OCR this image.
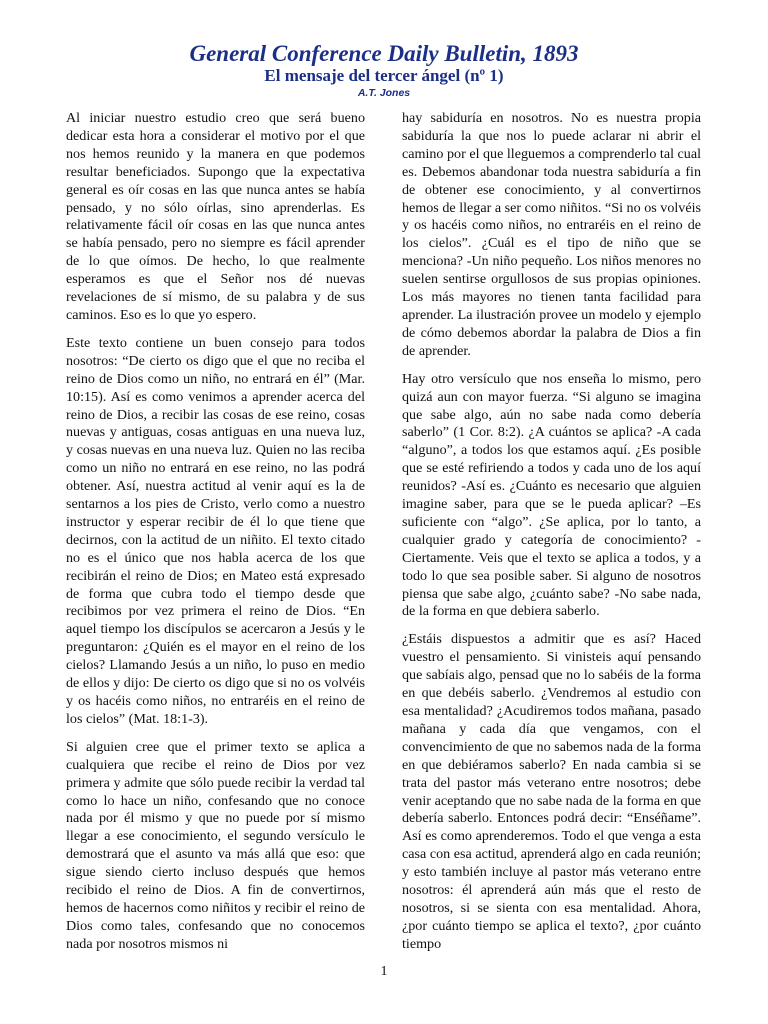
General Conference Daily Bulletin, 1893
El mensaje del tercer ángel (nº 1)
A.T. Jones

Al iniciar nuestro estudio creo que será bueno dedicar esta hora a considerar el motivo por el que nos hemos reunido y la manera en que podemos resultar beneficiados. Supongo que la expectativa general es oír cosas en las que nunca antes se había pensado, y no sólo oírlas, sino aprenderlas. Es relativamente fácil oír cosas en las que nunca antes se había pensado, pero no siempre es fácil aprender de lo que oímos. De hecho, lo que realmente esperamos es que el Señor nos dé nuevas revelaciones de sí mismo, de su palabra y de sus caminos. Eso es lo que yo espero.

Este texto contiene un buen consejo para todos nosotros: “De cierto os digo que el que no reciba el reino de Dios como un niño, no entrará en él” (Mar. 10:15). Así es como venimos a aprender acerca del reino de Dios, a recibir las cosas de ese reino, cosas nuevas y antiguas, cosas antiguas en una nueva luz, y cosas nuevas en una nueva luz. Quien no las reciba como un niño no entrará en ese reino, no las podrá obtener. Así, nuestra actitud al venir aquí es la de sentarnos a los pies de Cristo, verlo como a nuestro instructor y esperar recibir de él lo que tiene que decirnos, con la actitud de un niñito. El texto citado no es el único que nos habla acerca de los que recibirán el reino de Dios; en Mateo está expresado de forma que cubra todo el tiempo desde que recibimos por vez primera el reino de Dios. “En aquel tiempo los discípulos se acercaron a Jesús y le preguntaron: ¿Quién es el mayor en el reino de los cielos? Llamando Jesús a un niño, lo puso en medio de ellos y dijo: De cierto os digo que si no os volvéis y os hacéis como niños, no entraréis en el reino de los cielos” (Mat. 18:1-3).

Si alguien cree que el primer texto se aplica a cualquiera que recibe el reino de Dios por vez primera y admite que sólo puede recibir la verdad tal como lo hace un niño, confesando que no conoce nada por él mismo y que no puede por sí mismo llegar a ese conocimiento, el segundo versículo le demostrará que el asunto va más allá que eso: que sigue siendo cierto incluso después que hemos recibido el reino de Dios. A fin de convertirnos, hemos de hacernos como niñitos y recibir el reino de Dios como tales, confesando que no conocemos nada por nosotros mismos ni

hay sabiduría en nosotros. No es nuestra propia sabiduría la que nos lo puede aclarar ni abrir el camino por el que lleguemos a comprenderlo tal cual es. Debemos abandonar toda nuestra sabiduría a fin de obtener ese conocimiento, y al convertirnos hemos de llegar a ser como niñitos. “Si no os volvéis y os hacéis como niños, no entraréis en el reino de los cielos”. ¿Cuál es el tipo de niño que se menciona? -Un niño pequeño. Los niños menores no suelen sentirse orgullosos de sus propias opiniones. Los más mayores no tienen tanta facilidad para aprender. La ilustración provee un modelo y ejemplo de cómo debemos abordar la palabra de Dios a fin de aprender.

Hay otro versículo que nos enseña lo mismo, pero quizá aun con mayor fuerza. “Si alguno se imagina que sabe algo, aún no sabe nada como debería saberlo” (1 Cor. 8:2). ¿A cuántos se aplica? -A cada “alguno”, a todos los que estamos aquí. ¿Es posible que se esté refiriendo a todos y cada uno de los aquí reunidos? -Así es. ¿Cuánto es necesario que alguien imagine saber, para que se le pueda aplicar? –Es suficiente con “algo”. ¿Se aplica, por lo tanto, a cualquier grado y categoría de conocimiento? -Ciertamente. Veis que el texto se aplica a todos, y a todo lo que sea posible saber. Si alguno de nosotros piensa que sabe algo, ¿cuánto sabe? -No sabe nada, de la forma en que debiera saberlo.

¿Estáis dispuestos a admitir que es así? Haced vuestro el pensamiento. Si vinisteis aquí pensando que sabíais algo, pensad que no lo sabéis de la forma en que debéis saberlo. ¿Vendremos al estudio con esa mentalidad? ¿Acudiremos todos mañana, pasado mañana y cada día que vengamos, con el convencimiento de que no sabemos nada de la forma en que debiéramos saberlo? En nada cambia si se trata del pastor más veterano entre nosotros; debe venir aceptando que no sabe nada de la forma en que debería saberlo. Entonces podrá decir: “Enséñame”. Así es como aprenderemos. Todo el que venga a esta casa con esa actitud, aprenderá algo en cada reunión; y esto también incluye al pastor más veterano entre nosotros: él aprenderá aún más que el resto de nosotros, si se sienta con esa mentalidad. Ahora, ¿por cuánto tiempo se aplica el texto?, ¿por cuánto tiempo

1
